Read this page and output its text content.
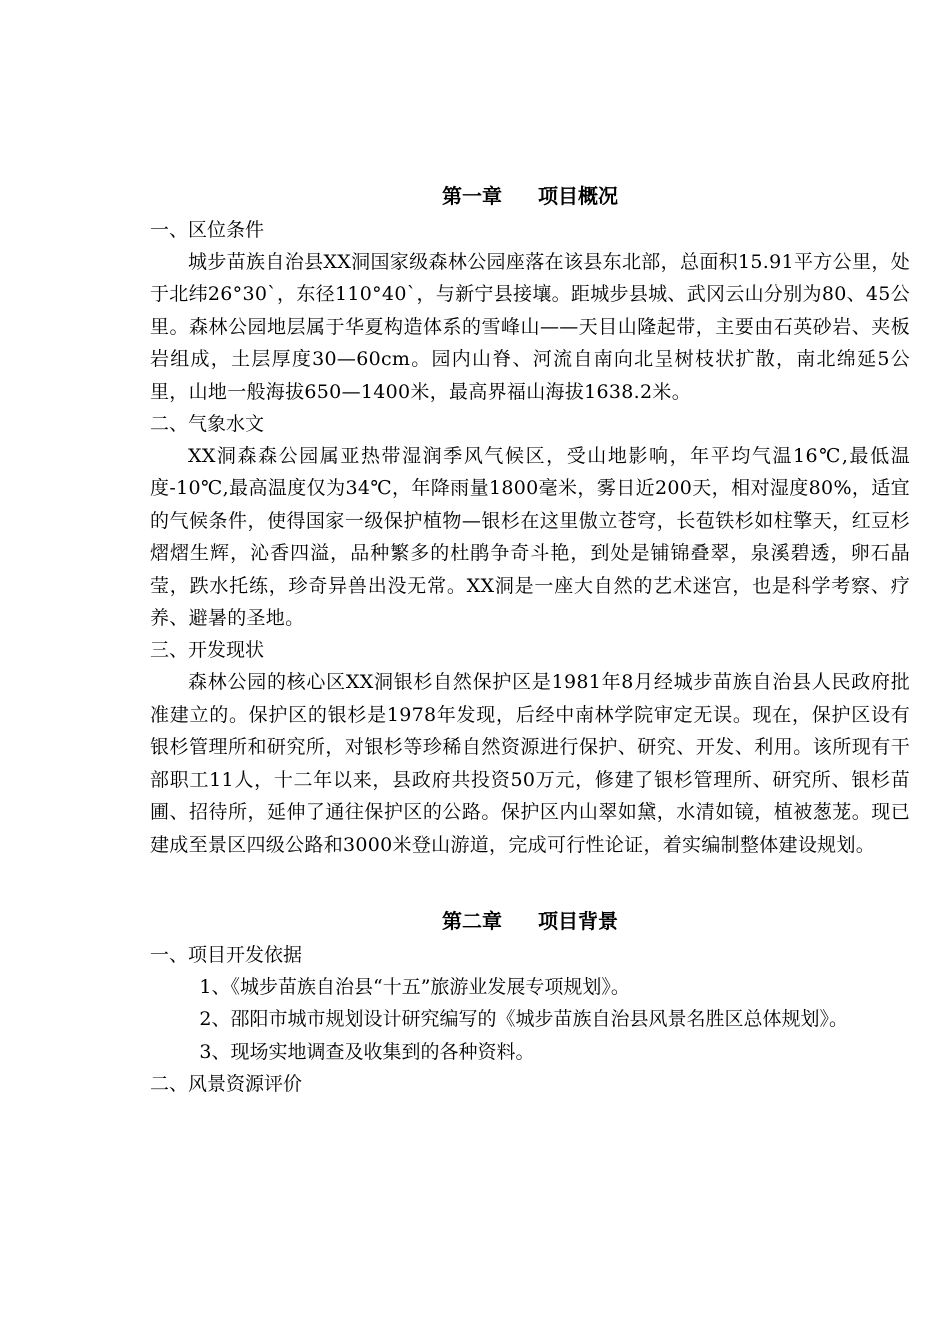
第一章 项目概况

一、区位条件

城步苗族自治县XX洞国家级森林公园座落在该县东北部，总面积15.91平方公里，处于北纬26°30`，东径110°40`，与新宁县接壤。距城步县城、武冈云山分别为80、45公里。森林公园地层属于华夏构造体系的雪峰山——天目山隆起带，主要由石英砂岩、夹板岩组成，土层厚度30—60cm。园内山脊、河流自南向北呈树枝状扩散，南北绵延5公里，山地一般海拔650—1400米，最高界福山海拔1638.2米。

二、气象水文

XX洞森森公园属亚热带湿润季风气候区，受山地影响，年平均气温16℃,最低温度-10℃,最高温度仅为34℃，年降雨量1800毫米，雾日近200天，相对湿度80%，适宜的气候条件，使得国家一级保护植物—银杉在这里傲立苍穹，长苞铁杉如柱擎天，红豆杉熠熠生辉，沁香四溢，品种繁多的杜鹃争奇斗艳，到处是铺锦叠翠，泉溪碧透，卵石晶莹，跌水托练，珍奇异兽出没无常。XX洞是一座大自然的艺术迷宫，也是科学考察、疗养、避暑的圣地。

三、开发现状

森林公园的核心区XX洞银杉自然保护区是1981年8月经城步苗族自治县人民政府批准建立的。保护区的银杉是1978年发现，后经中南林学院审定无误。现在，保护区设有银杉管理所和研究所，对银杉等珍稀自然资源进行保护、研究、开发、利用。该所现有干部职工11人，十二年以来，县政府共投资50万元，修建了银杉管理所、研究所、银杉苗圃、招待所，延伸了通往保护区的公路。保护区内山翠如黛，水清如镜，植被葱茏。现已建成至景区四级公路和3000米登山游道，完成可行性论证，着实编制整体建设规划。

第二章 项目背景

一、项目开发依据

1、《城步苗族自治县“十五”旅游业发展专项规划》。

2、邵阳市城市规划设计研究编写的《城步苗族自治县风景名胜区总体规划》。

3、现场实地调查及收集到的各种资料。

二、风景资源评价
